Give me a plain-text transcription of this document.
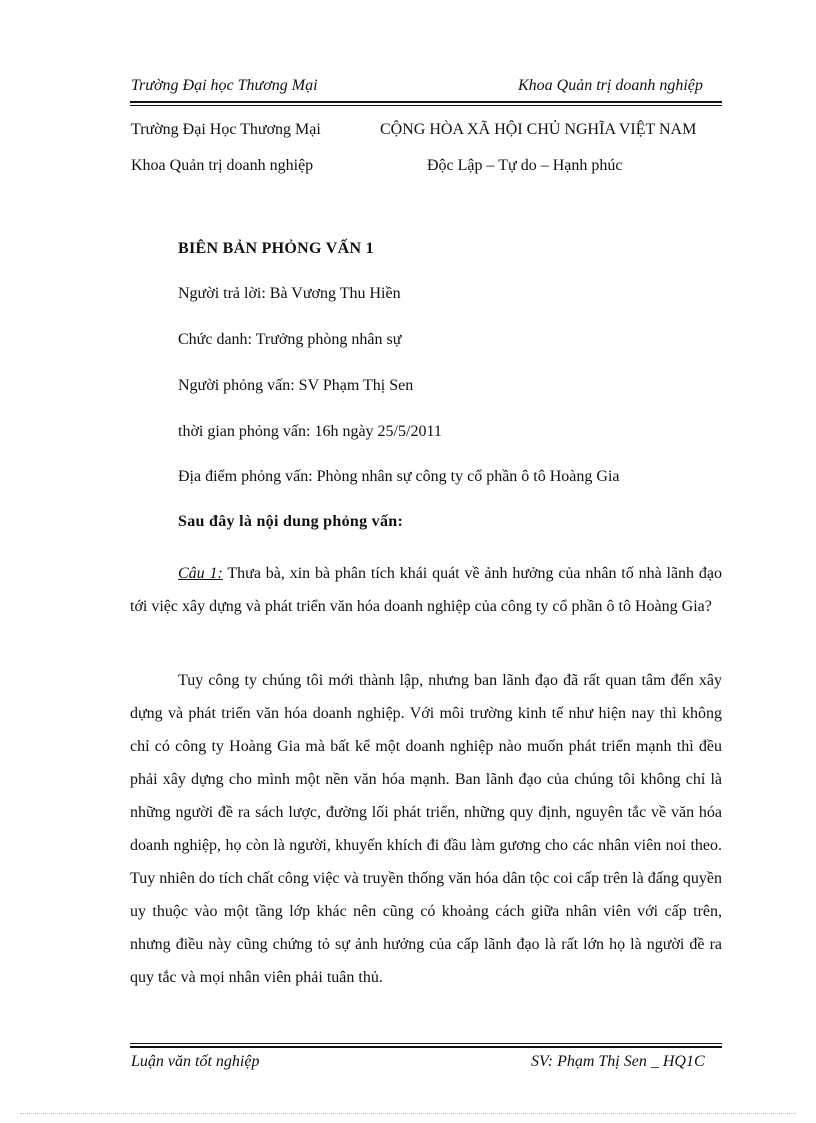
Trường Đại học Thương Mại	Khoa Quản trị doanh nghiệp
Trường Đại Học Thương Mại	CỘNG HÒA XÃ HỘI CHỦ NGHĨA VIỆT NAM
Khoa Quản trị doanh nghiệp	Độc Lập – Tự do – Hạnh phúc
BIÊN BẢN PHỎNG VẤN 1
Người trả lời: Bà Vương Thu Hiền
Chức danh: Trưởng phòng nhân sự
Người phỏng vấn: SV Phạm Thị Sen
thời gian phỏng vấn: 16h ngày 25/5/2011
Địa điểm phỏng vấn: Phòng nhân sự công ty cổ phần ô tô Hoàng Gia
Sau đây là nội dung phỏng vấn:
Câu 1: Thưa bà, xin bà phân tích khái quát về ảnh hưởng của nhân tố nhà lãnh đạo tới việc xây dựng và phát triển văn hóa doanh nghiệp của công ty cổ phần ô tô Hoàng Gia?
Tuy công ty chúng tôi mới thành lập, nhưng ban lãnh đạo đã rất quan tâm đến xây dựng và phát triển văn hóa doanh nghiệp. Với môi trường kinh tế như hiện nay thì không chỉ có công ty Hoàng Gia mà bất kể một doanh nghiệp nào muốn phát triển mạnh thì đều phải xây dựng cho mình một nền văn hóa mạnh. Ban lãnh đạo của chúng tôi không chỉ là những người đề ra sách lược, đường lối phát triển, những quy định, nguyên tắc về văn hóa doanh nghiệp, họ còn là người, khuyến khích đi đầu làm gương cho các nhân viên noi theo. Tuy nhiên do tích chất công việc và truyền thống văn hóa dân tộc coi cấp trên là đấng quyền uy thuộc vào một tầng lớp khác nên cũng có khoảng cách giữa nhân viên với cấp trên, nhưng điều này cũng chứng tỏ sự ảnh hưởng của cấp lãnh đạo là rất lớn họ là người đề ra quy tắc và mọi nhân viên phải tuân thủ.
Luận văn tốt nghiệp	SV: Phạm Thị Sen _ HQ1C
